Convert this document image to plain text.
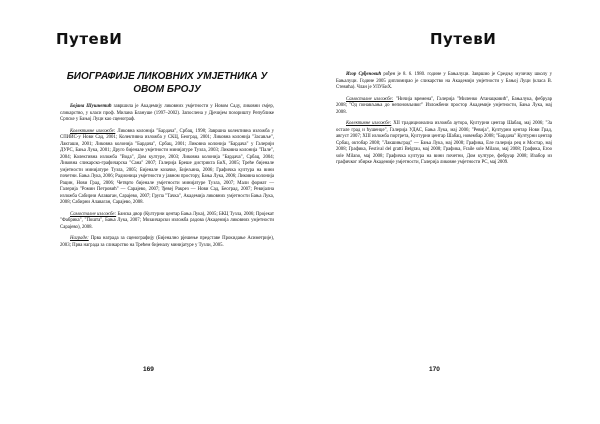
ПутевИ
БИОГРАФИЈЕ ЛИКОВНИХ УМЈЕТНИКА У ОВОМ БРОЈУ

Бојана Шушнетић завршила је Академију ликовних умјетности у Новом Саду, ликовни смјер, сликарство, у класи проф. Милана Блануше (1997–2002). Запослена у Дјечијем позоришту Републике Српске у Бањој Луци као сценограф.

Колективне изложбе: Ликовна колонија "Бардача", Србац, 1998; Завршна колективна изложба у СПИИС-у Нови Сад, 2001; Колективна изложба у СКЦ, Београд, 2001; Ликовна колонија "Засавље", Лакташи, 2001; Ликовна колонија "Бардача", Србац, 2001; Ликовна колонија "Бардача" у Галерији ДУРС, Бања Лука, 2001; Друго бијенале умјетности минијатуре Тузла, 2003; Ликовна колонија "Пале", 2004; Колективна изложба "Вода", Дом културе, 2003; Ликовна колонија "Бардача", Србац, 2004; Ликовна сликарско-графичарска "Сана" 2007; Галерија Бреше дистрикта БиХ, 2005; Треће бијенале умјетности минијатуре Тузла, 2005; Бијенале козачке, Бијељина, 2006; Графичка култура на вини почетни. Бања Лука, 2006; Радионица умјетности у јавном простору, Бања Лука, 2006; Ликовна колонија Рацин, Нови Град, 2006; Четврто бијенале умјетности минијатуре Тузла, 2007; Мали формат — Галерија "Ромин Петровић" — Сарајево, 2007; Ђевеј Ракрез — Нови Сад, Београд, 2007; Ревијална изложба Сабирни Алаваган, Сарајево, 2007; Група "Тачка", Академија ликовних умјетности Бања Лука, 2008; Сабирни Алаваган, Сарајево, 2008.

Самосталне изложбе: Банска двор (Културни центар Бања Лука), 2005; БКЦ Тузла, 2006; Пројекат "Фабрика", "Пошта", Бања Лука, 2007; Мозаичарски изложба радова (Академија ликовних умјетности Сарајево), 2008.

Награде: Прва награда за сценографију (Бијенално рјешење представе Прокидање Асиметрије), 2003; Прва награда за сликарство на Трећем бијеналу минијатуре у Тузли, 2005.

169
ПутевИ

Игор Срђеновић рођен је 8. 6. 1980. године у Бањалуци. Завршио је Средњу музичку школу у Бањалуци. Године 2005 дипломирао је сликарство на Академији умјетности у Бањој Луци (класа В. Стевића). Члан је УЛУБиХ.

Самосталне изложбе: "Ничија времена", Галерија "Миленко Атанацковић", Бањалука, фебруар 2008; "Од понављања до непоновљивог" Изложбени простор Академије умјетности, Бања Лука, мај 2008.

Колективне изложбе: XII традиционална изложба аутора, Културни центар Шабац, мај 2006; "За остале град и ћушенџе", Галерија УДАС, Бања Лука, мај 2006; "Ревија", Културни центар Нови Град, август 2007; XIII изложба портрета, Културни центар Шабац, новембар 2008; "Бардача" Културни центар Србац, октобар 2008; "Лакшињград" — Бања Лука, мај 2008; Графика, Елe галеријa рец и Мостар, мај 2008; Графика, Festival del gratti Belgrau, мај 2008; Графика, Fraile sole Milano, мај 2008; Графика, Eroo sole Milano, мај 2008; Графичка култура на вини почетни, Дом културе, фебруар 2008; Изабор из графичког збирке Академије умјетности, Галерија ликовне умјетности РС, мај 2009.

170
